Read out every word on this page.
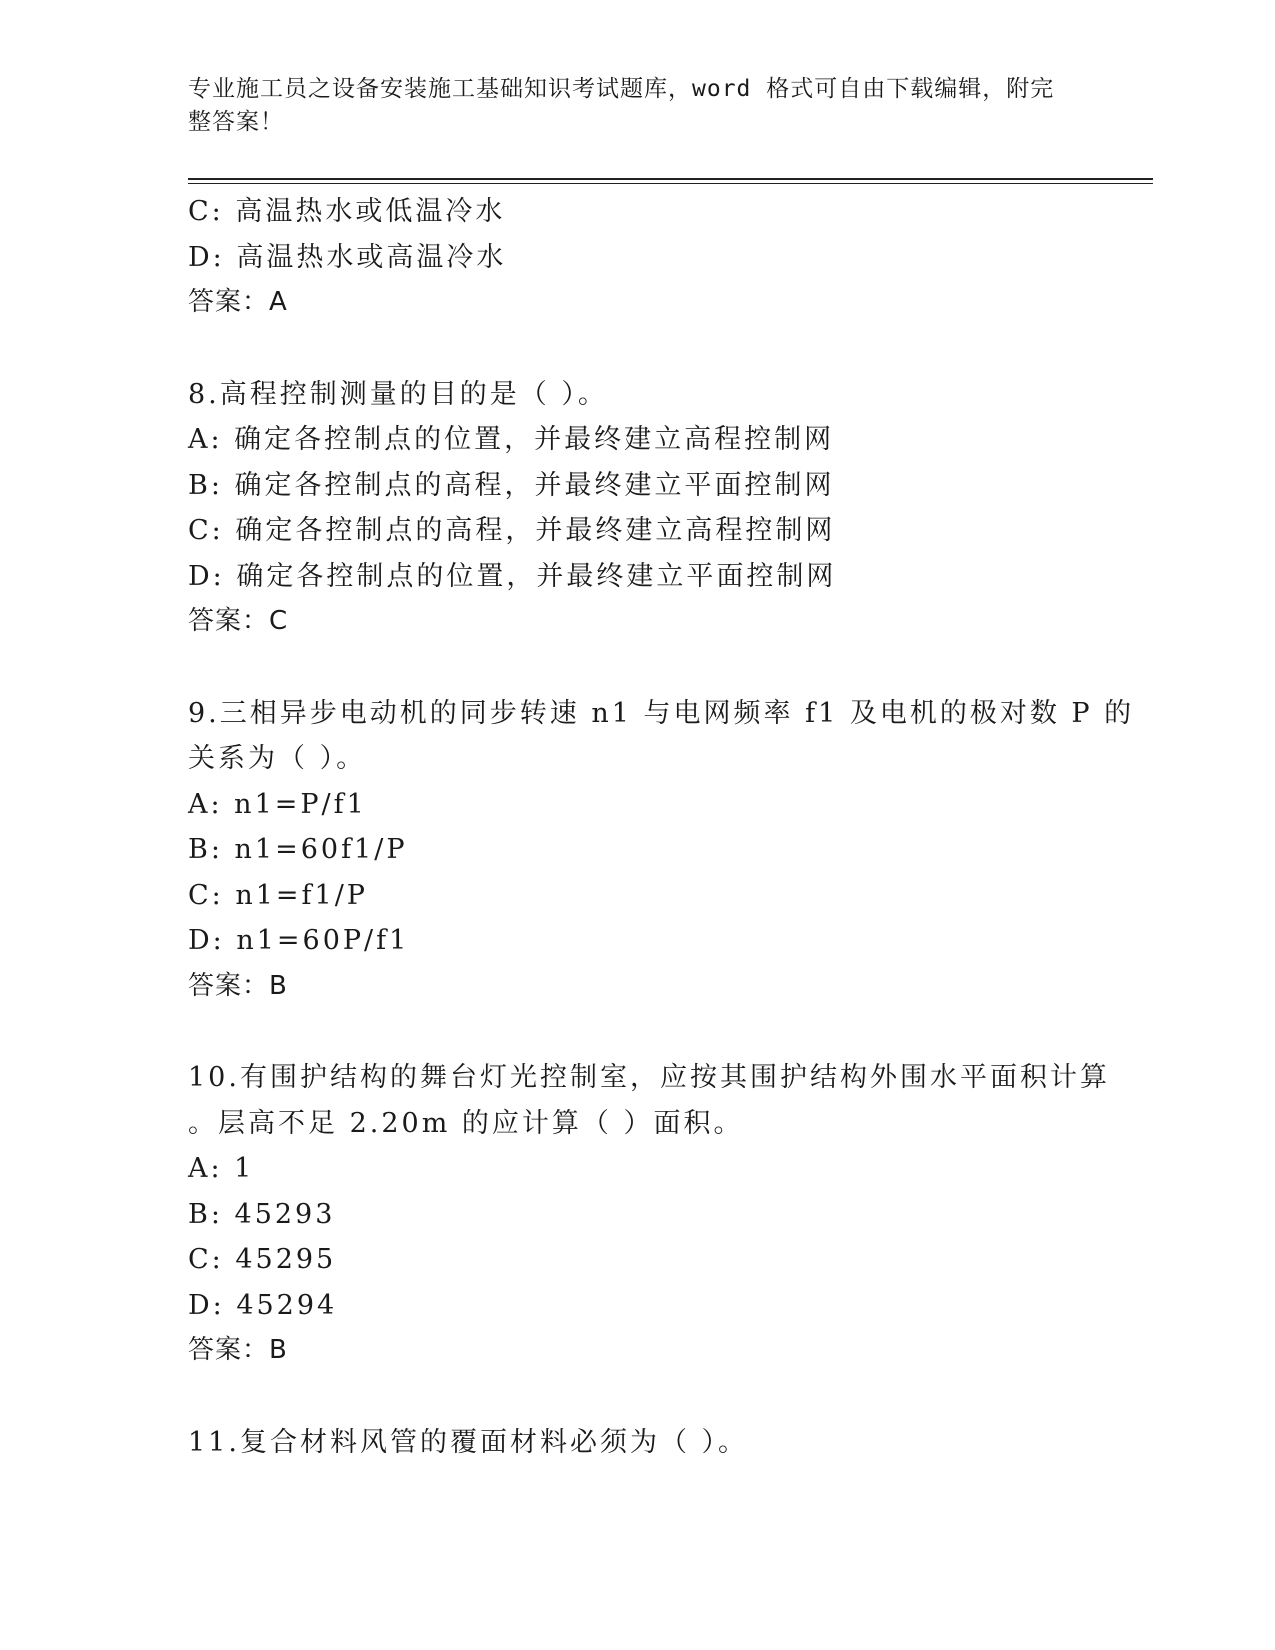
专业施工员之设备安装施工基础知识考试题库，word 格式可自由下载编辑，附完整答案！
C: 高温热水或低温冷水
D: 高温热水或高温冷水
答案：A
8.高程控制测量的目的是（ ）。
A: 确定各控制点的位置，并最终建立高程控制网
B: 确定各控制点的高程，并最终建立平面控制网
C: 确定各控制点的高程，并最终建立高程控制网
D: 确定各控制点的位置，并最终建立平面控制网
答案：C
9.三相异步电动机的同步转速 n1 与电网频率 f1 及电机的极对数 P 的
关系为（ ）。
A: n1=P/f1
B: n1=60f1/P
C: n1=f1/P
D: n1=60P/f1
答案：B
10.有围护结构的舞台灯光控制室，应按其围护结构外围水平面积计算
。层高不足 2.20m 的应计算（ ）面积。
A: 1
B: 45293
C: 45295
D: 45294
答案：B
11.复合材料风管的覆面材料必须为（ ）。
